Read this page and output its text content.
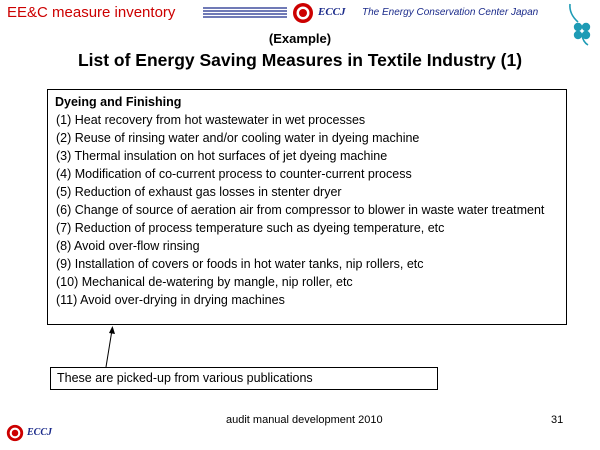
EE&C measure inventory	ECCJ The Energy Conservation Center Japan
(Example)
List of Energy Saving Measures in Textile Industry (1)
Dyeing and Finishing
(1) Heat recovery from hot wastewater in wet processes
(2) Reuse of rinsing water and/or cooling water in dyeing machine
(3) Thermal insulation on hot surfaces of jet dyeing machine
(4) Modification of co-current process to counter-current process
(5) Reduction of exhaust gas losses in stenter dryer
(6) Change of source of aeration air from compressor to blower in waste water treatment
(7) Reduction of process temperature such as dyeing temperature, etc
(8) Avoid over-flow rinsing
(9) Installation of covers or foods in hot water tanks, nip rollers, etc
(10) Mechanical de-watering by mangle, nip roller, etc
(11) Avoid over-drying in drying machines
These are picked-up from various publications
audit manual development 2010	31
ECCJ
